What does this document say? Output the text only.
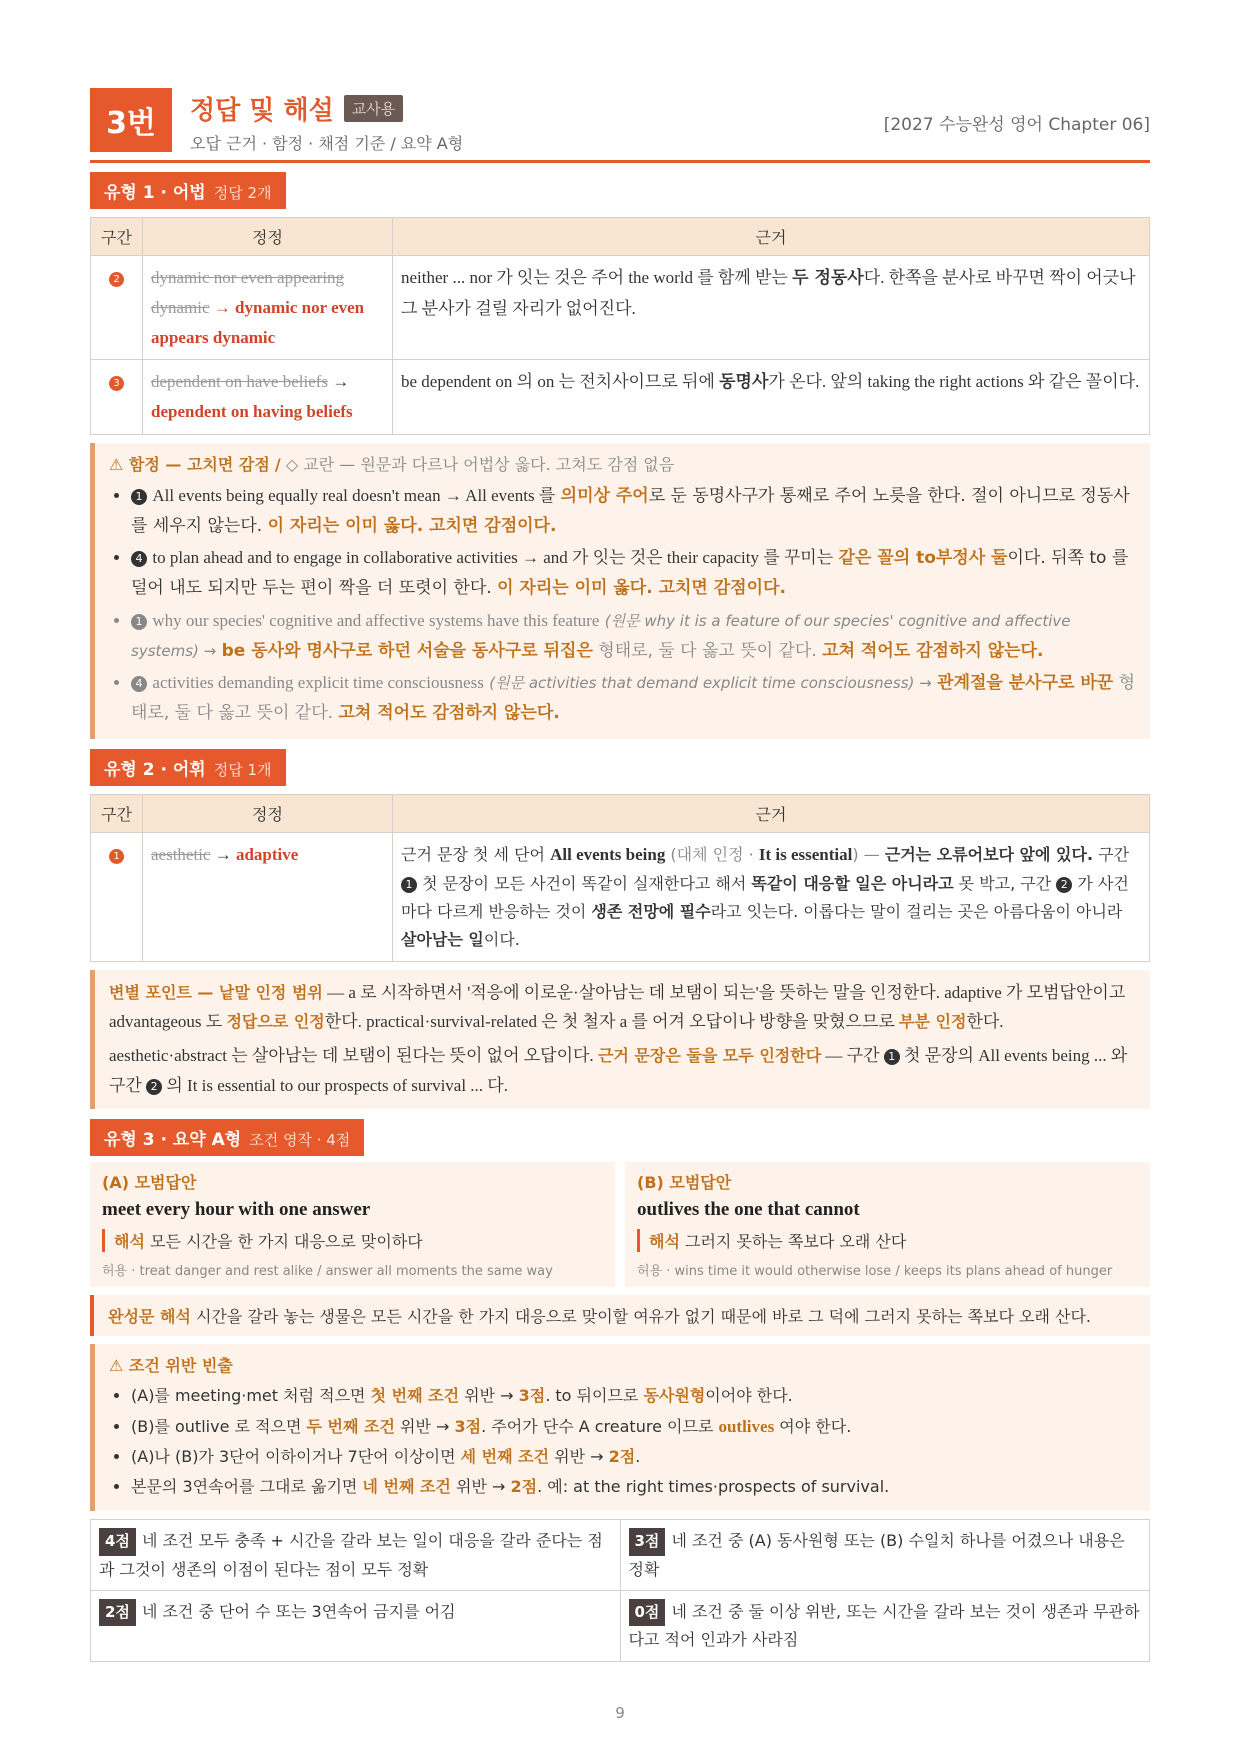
3번	정답 및 해설	교사용
오답 근거 · 함정 · 채점 기준 / 요약 A형
[2027 수능완성 영어 Chapter 06]
유형 1 · 어법 정답 2개
구간	정정	근거
2	dynamic nor even appearing dynamic → dynamic nor even appears dynamic	neither ... nor 가 잇는 것은 주어 the world 를 함께 받는 두 정동사다. 한쪽을 분사로 바꾸면 짝이 어긋나 그 분사가 걸릴 자리가 없어진다.
3	dependent on have beliefs → dependent on having beliefs	be dependent on 의 on 는 전치사이므로 뒤에 동명사가 온다. 앞의 taking the right actions 와 같은 꼴이다.
⚠ 함정 — 고치면 감점 / ◇ 교란 — 원문과 다르나 어법상 옳다. 고쳐도 감점 없음
• 1 All events being equally real doesn't mean → All events 를 의미상 주어로 둔 동명사구가 통째로 주어 노릇을 한다. 절이 아니므로 정동사를 세우지 않는다. 이 자리는 이미 옳다. 고치면 감점이다.
• 4 to plan ahead and to engage in collaborative activities → and 가 잇는 것은 their capacity 를 꾸미는 같은 꼴의 to부정사 둘이다. 뒤쪽 to 를 덜어 내도 되지만 두는 편이 짝을 더 또렷이 한다. 이 자리는 이미 옳다. 고치면 감점이다.
• 1 why our species' cognitive and affective systems have this feature (원문 why it is a feature of our species' cognitive and affective systems) → be 동사와 명사구로 하던 서술을 동사구로 뒤집은 형태로, 둘 다 옳고 뜻이 같다. 고쳐 적어도 감점하지 않는다.
• 4 activities demanding explicit time consciousness (원문 activities that demand explicit time consciousness) → 관계절을 분사구로 바꾼 형태로, 둘 다 옳고 뜻이 같다. 고쳐 적어도 감점하지 않는다.
유형 2 · 어휘 정답 1개
구간	정정	근거
1	aesthetic → adaptive	근거 문장 첫 세 단어 All events being (대체 인정 · It is essential) — 근거는 오류어보다 앞에 있다. 구간 1 첫 문장이 모든 사건이 똑같이 실재한다고 해서 똑같이 대응할 일은 아니라고 못 박고, 구간 2 가 사건마다 다르게 반응하는 것이 생존 전망에 필수라고 잇는다. 이롭다는 말이 걸리는 곳은 아름다움이 아니라 살아남는 일이다.
변별 포인트 — 낱말 인정 범위 — a 로 시작하면서 '적응에 이로운·살아남는 데 보탬이 되는'을 뜻하는 말을 인정한다. adaptive 가 모범답안이고 advantageous 도 정답으로 인정한다. practical·survival-related 은 첫 철자 a 를 어겨 오답이나 방향을 맞혔으므로 부분 인정한다.
aesthetic·abstract 는 살아남는 데 보탬이 된다는 뜻이 없어 오답이다. 근거 문장은 둘을 모두 인정한다 — 구간 1 첫 문장의 All events being ... 와 구간 2 의 It is essential to our prospects of survival ... 다.
유형 3 · 요약 A형 조건 영작 · 4점
(A) 모범답안
meet every hour with one answer
해석 모든 시간을 한 가지 대응으로 맞이하다
허용 · treat danger and rest alike / answer all moments the same way
(B) 모범답안
outlives the one that cannot
해석 그러지 못하는 쪽보다 오래 산다
허용 · wins time it would otherwise lose / keeps its plans ahead of hunger
완성문 해석 시간을 갈라 놓는 생물은 모든 시간을 한 가지 대응으로 맞이할 여유가 없기 때문에 바로 그 덕에 그러지 못하는 쪽보다 오래 산다.
⚠ 조건 위반 빈출
• (A)를 meeting·met 처럼 적으면 첫 번째 조건 위반 → 3점. to 뒤이므로 동사원형이어야 한다.
• (B)를 outlive 로 적으면 두 번째 조건 위반 → 3점. 주어가 단수 A creature 이므로 outlives 여야 한다.
• (A)나 (B)가 3단어 이하이거나 7단어 이상이면 세 번째 조건 위반 → 2점.
• 본문의 3연속어를 그대로 옮기면 네 번째 조건 위반 → 2점. 예: at the right times·prospects of survival.
4점 네 조건 모두 충족 + 시간을 갈라 보는 일이 대응을 갈라 준다는 점과 그것이 생존의 이점이 된다는 점이 모두 정확	3점 네 조건 중 (A) 동사원형 또는 (B) 수일치 하나를 어겼으나 내용은 정확
2점 네 조건 중 단어 수 또는 3연속어 금지를 어김	0점 네 조건 중 둘 이상 위반, 또는 시간을 갈라 보는 것이 생존과 무관하다고 적어 인과가 사라짐
9
